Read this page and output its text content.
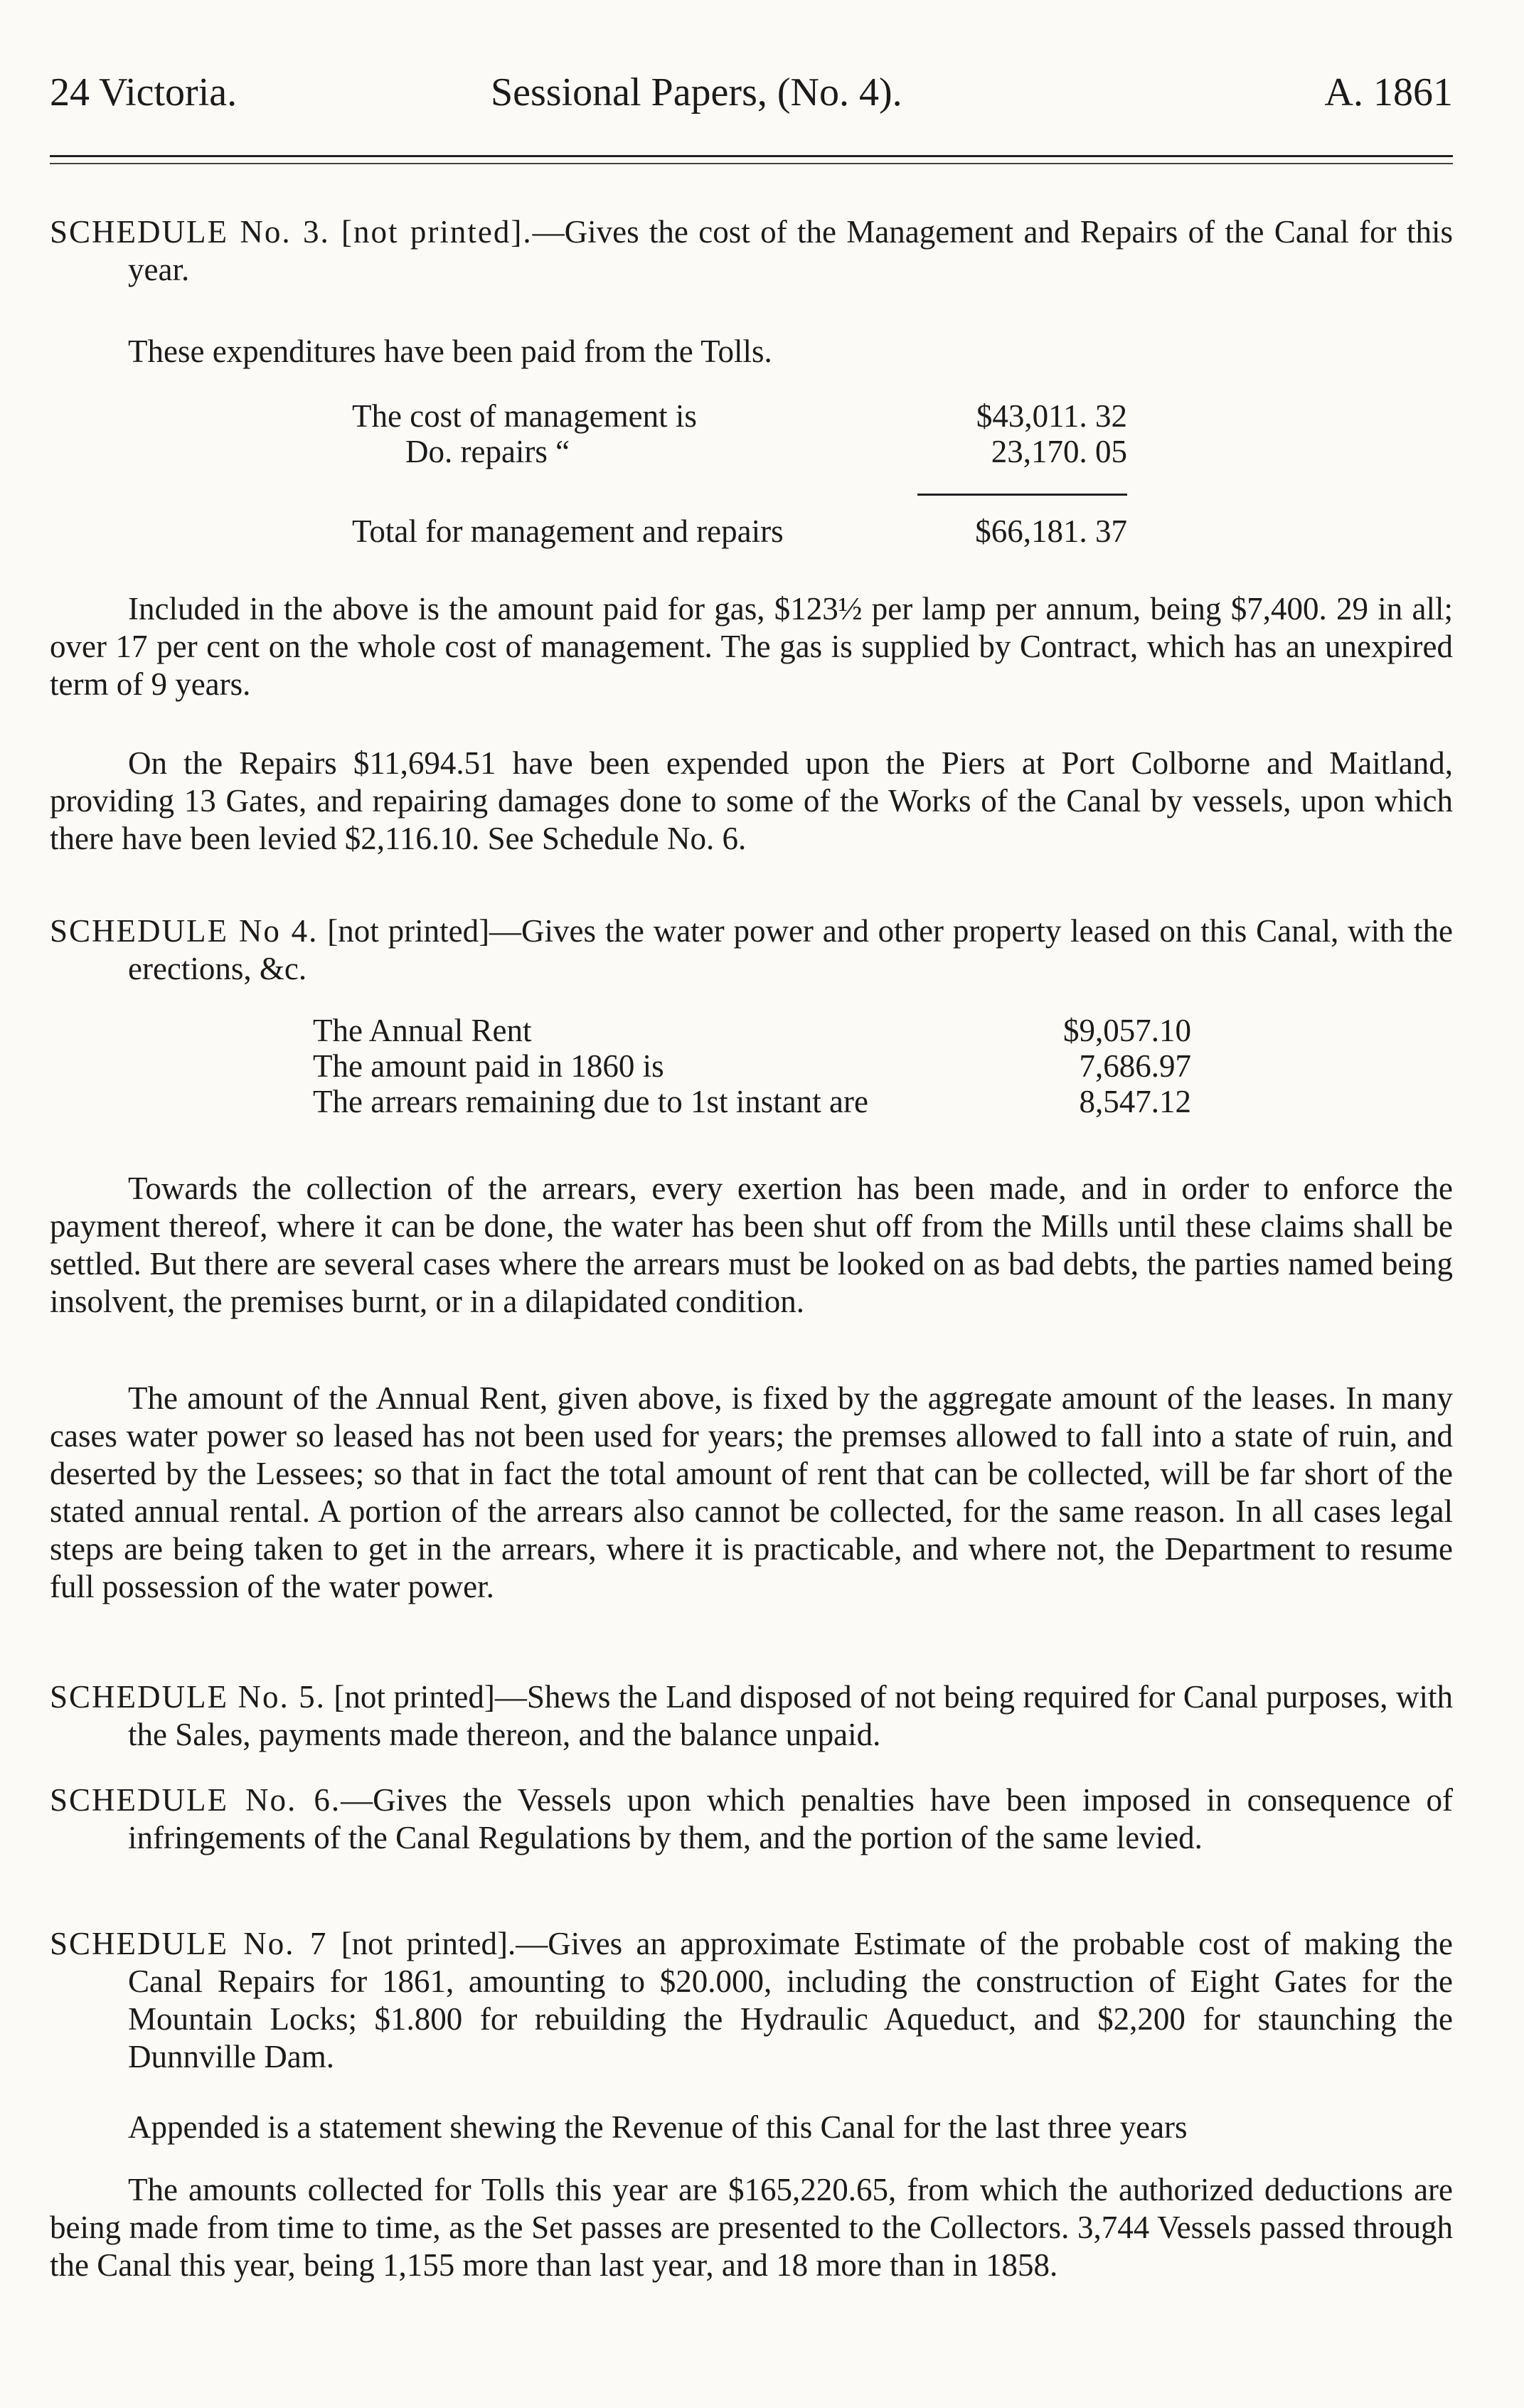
24 Victoria.	Sessional Papers, (No. 4).	A. 1861
SCHEDULE No. 3. [not printed].—Gives the cost of the Management and Repairs of the Canal for this year.
These expenditures have been paid from the Tolls.
The cost of management is	$43,011. 32
Do. repairs “	23,170. 05
Total for management and repairs	$66,181. 37
Included in the above is the amount paid for gas, $123½ per lamp per annum, being $7,400. 29 in all; over 17 per cent on the whole cost of management. The gas is supplied by Contract, which has an unexpired term of 9 years.
On the Repairs $11,694.51 have been expended upon the Piers at Port Colborne and Maitland, providing 13 Gates, and repairing damages done to some of the Works of the Canal by vessels, upon which there have been levied $2,116.10. See Schedule No. 6.
SCHEDULE No 4. [not printed]—Gives the water power and other property leased on this Canal, with the erections, &c.
The Annual Rent	$9,057.10
The amount paid in 1860 is	7,686.97
The arrears remaining due to 1st instant are	8,547.12
Towards the collection of the arrears, every exertion has been made, and in order to enforce the payment thereof, where it can be done, the water has been shut off from the Mills until these claims shall be settled. But there are several cases where the arrears must be looked on as bad debts, the parties named being insolvent, the premises burnt, or in a dilapidated condition.
The amount of the Annual Rent, given above, is fixed by the aggregate amount of the leases. In many cases water power so leased has not been used for years; the premses allowed to fall into a state of ruin, and deserted by the Lessees; so that in fact the total amount of rent that can be collected, will be far short of the stated annual rental. A portion of the arrears also cannot be collected, for the same reason. In all cases legal steps are being taken to get in the arrears, where it is practicable, and where not, the Department to resume full possession of the water power.
SCHEDULE No. 5. [not printed]—Shews the Land disposed of not being required for Canal purposes, with the Sales, payments made thereon, and the balance unpaid.
SCHEDULE No. 6.—Gives the Vessels upon which penalties have been imposed in consequence of infringements of the Canal Regulations by them, and the portion of the same levied.
SCHEDULE No. 7 [not printed].—Gives an approximate Estimate of the probable cost of making the Canal Repairs for 1861, amounting to $20.000, including the construction of Eight Gates for the Mountain Locks; $1.800 for rebuilding the Hydraulic Aqueduct, and $2,200 for staunching the Dunnville Dam.
Appended is a statement shewing the Revenue of this Canal for the last three years
The amounts collected for Tolls this year are $165,220.65, from which the authorized deductions are being made from time to time, as the Set passes are presented to the Collectors. 3,744 Vessels passed through the Canal this year, being 1,155 more than last year, and 18 more than in 1858.
